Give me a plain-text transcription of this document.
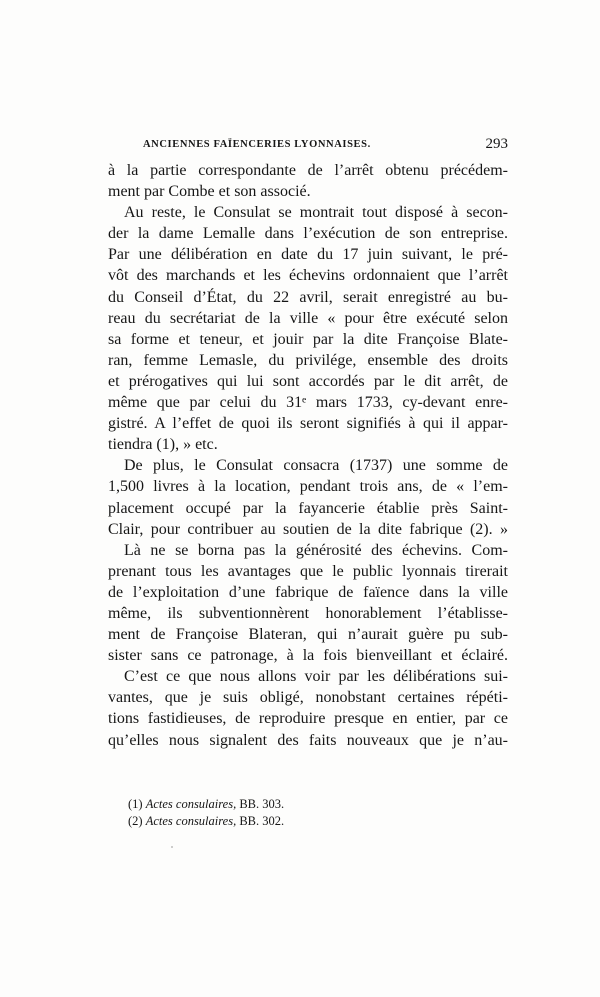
ANCIENNES FAÏENCERIES LYONNAISES.	293
à la partie correspondante de l’arrêt obtenu précédem-
ment par Combe et son associé.
Au reste, le Consulat se montrait tout disposé à secon-
der la dame Lemalle dans l’exécution de son entreprise.
Par une délibération en date du 17 juin suivant, le pré-
vôt des marchands et les échevins ordonnaient que l’arrêt
du Conseil d’État, du 22 avril, serait enregistré au bu-
reau du secrétariat de la ville « pour être exécuté selon
sa forme et teneur, et jouir par la dite Françoise Blate-
ran, femme Lemasle, du privilége, ensemble des droits
et prérogatives qui lui sont accordés par le dit arrêt, de
même que par celui du 31ᵉ mars 1733, cy-devant enre-
gistré. A l’effet de quoi ils seront signifiés à qui il appar-
tiendra (1), » etc.
De plus, le Consulat consacra (1737) une somme de
1,500 livres à la location, pendant trois ans, de « l’em-
placement occupé par la fayancerie établie près Saint-
Clair, pour contribuer au soutien de la dite fabrique (2). »
Là ne se borna pas la générosité des échevins. Com-
prenant tous les avantages que le public lyonnais tirerait
de l’exploitation d’une fabrique de faïence dans la ville
même, ils subventionnèrent honorablement l’établisse-
ment de Françoise Blateran, qui n’aurait guère pu sub-
sister sans ce patronage, à la fois bienveillant et éclairé.
C’est ce que nous allons voir par les délibérations sui-
vantes, que je suis obligé, nonobstant certaines répéti-
tions fastidieuses, de reproduire presque en entier, par ce
qu’elles nous signalent des faits nouveaux que je n’au-
(1) Actes consulaires, BB. 303.
(2) Actes consulaires, BB. 302.
